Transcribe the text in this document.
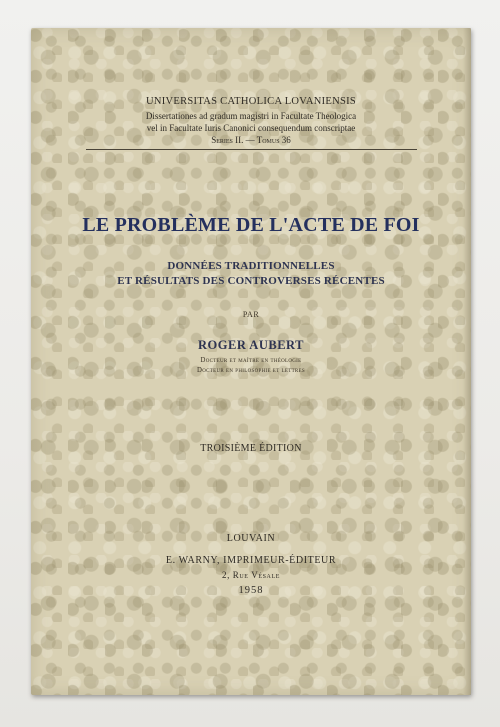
UNIVERSITAS CATHOLICA LOVANIENSIS
Dissertationes ad gradum magistri in Facultate Theologica
vel in Facultate Iuris Canonici consequendum conscriptae
Series II. — Tomus 36
LE PROBLÈME DE L'ACTE DE FOI
DONNÉES TRADITIONNELLES
ET RÉSULTATS DES CONTROVERSES RÉCENTES
PAR
ROGER AUBERT
Docteur et maître en théologie
Docteur en philosophie et lettres
TROISIÈME ÉDITION
LOUVAIN
E. WARNY, IMPRIMEUR-ÉDITEUR
2, Rue Vésale
1958
